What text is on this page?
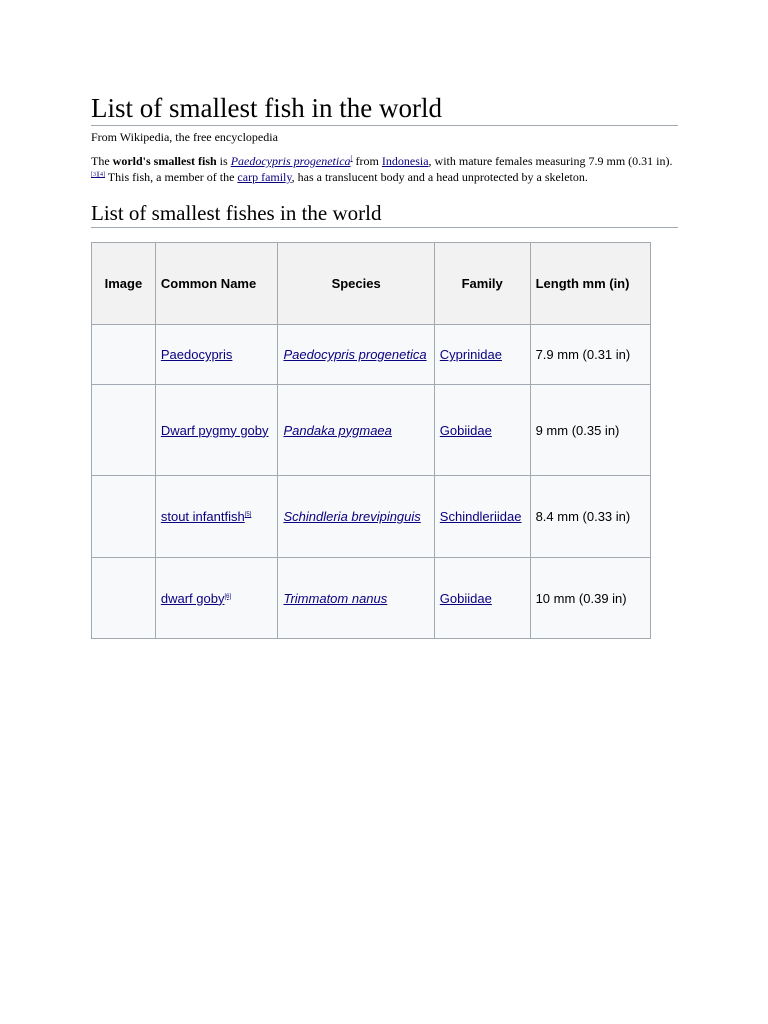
List of smallest fish in the world
From Wikipedia, the free encyclopedia
The world's smallest fish is Paedocypris progenetica[ from Indonesia, with mature females measuring 7.9 mm (0.31 in).[3][4] This fish, a member of the carp family, has a translucent body and a head unprotected by a skeleton.
List of smallest fishes in the world
Image	Common Name	Species	Family	Length mm (in)
	Paedocypris	Paedocypris progenetica	Cyprinidae	7.9 mm (0.31 in)
	Dwarf pygmy goby	Pandaka pygmaea	Gobiidae	9 mm (0.35 in)
	stout infantfish[5]	Schindleria brevipinguis	Schindleriidae	8.4 mm (0.33 in)
	dwarf goby[6]	Trimmatom nanus	Gobiidae	10 mm (0.39 in)
